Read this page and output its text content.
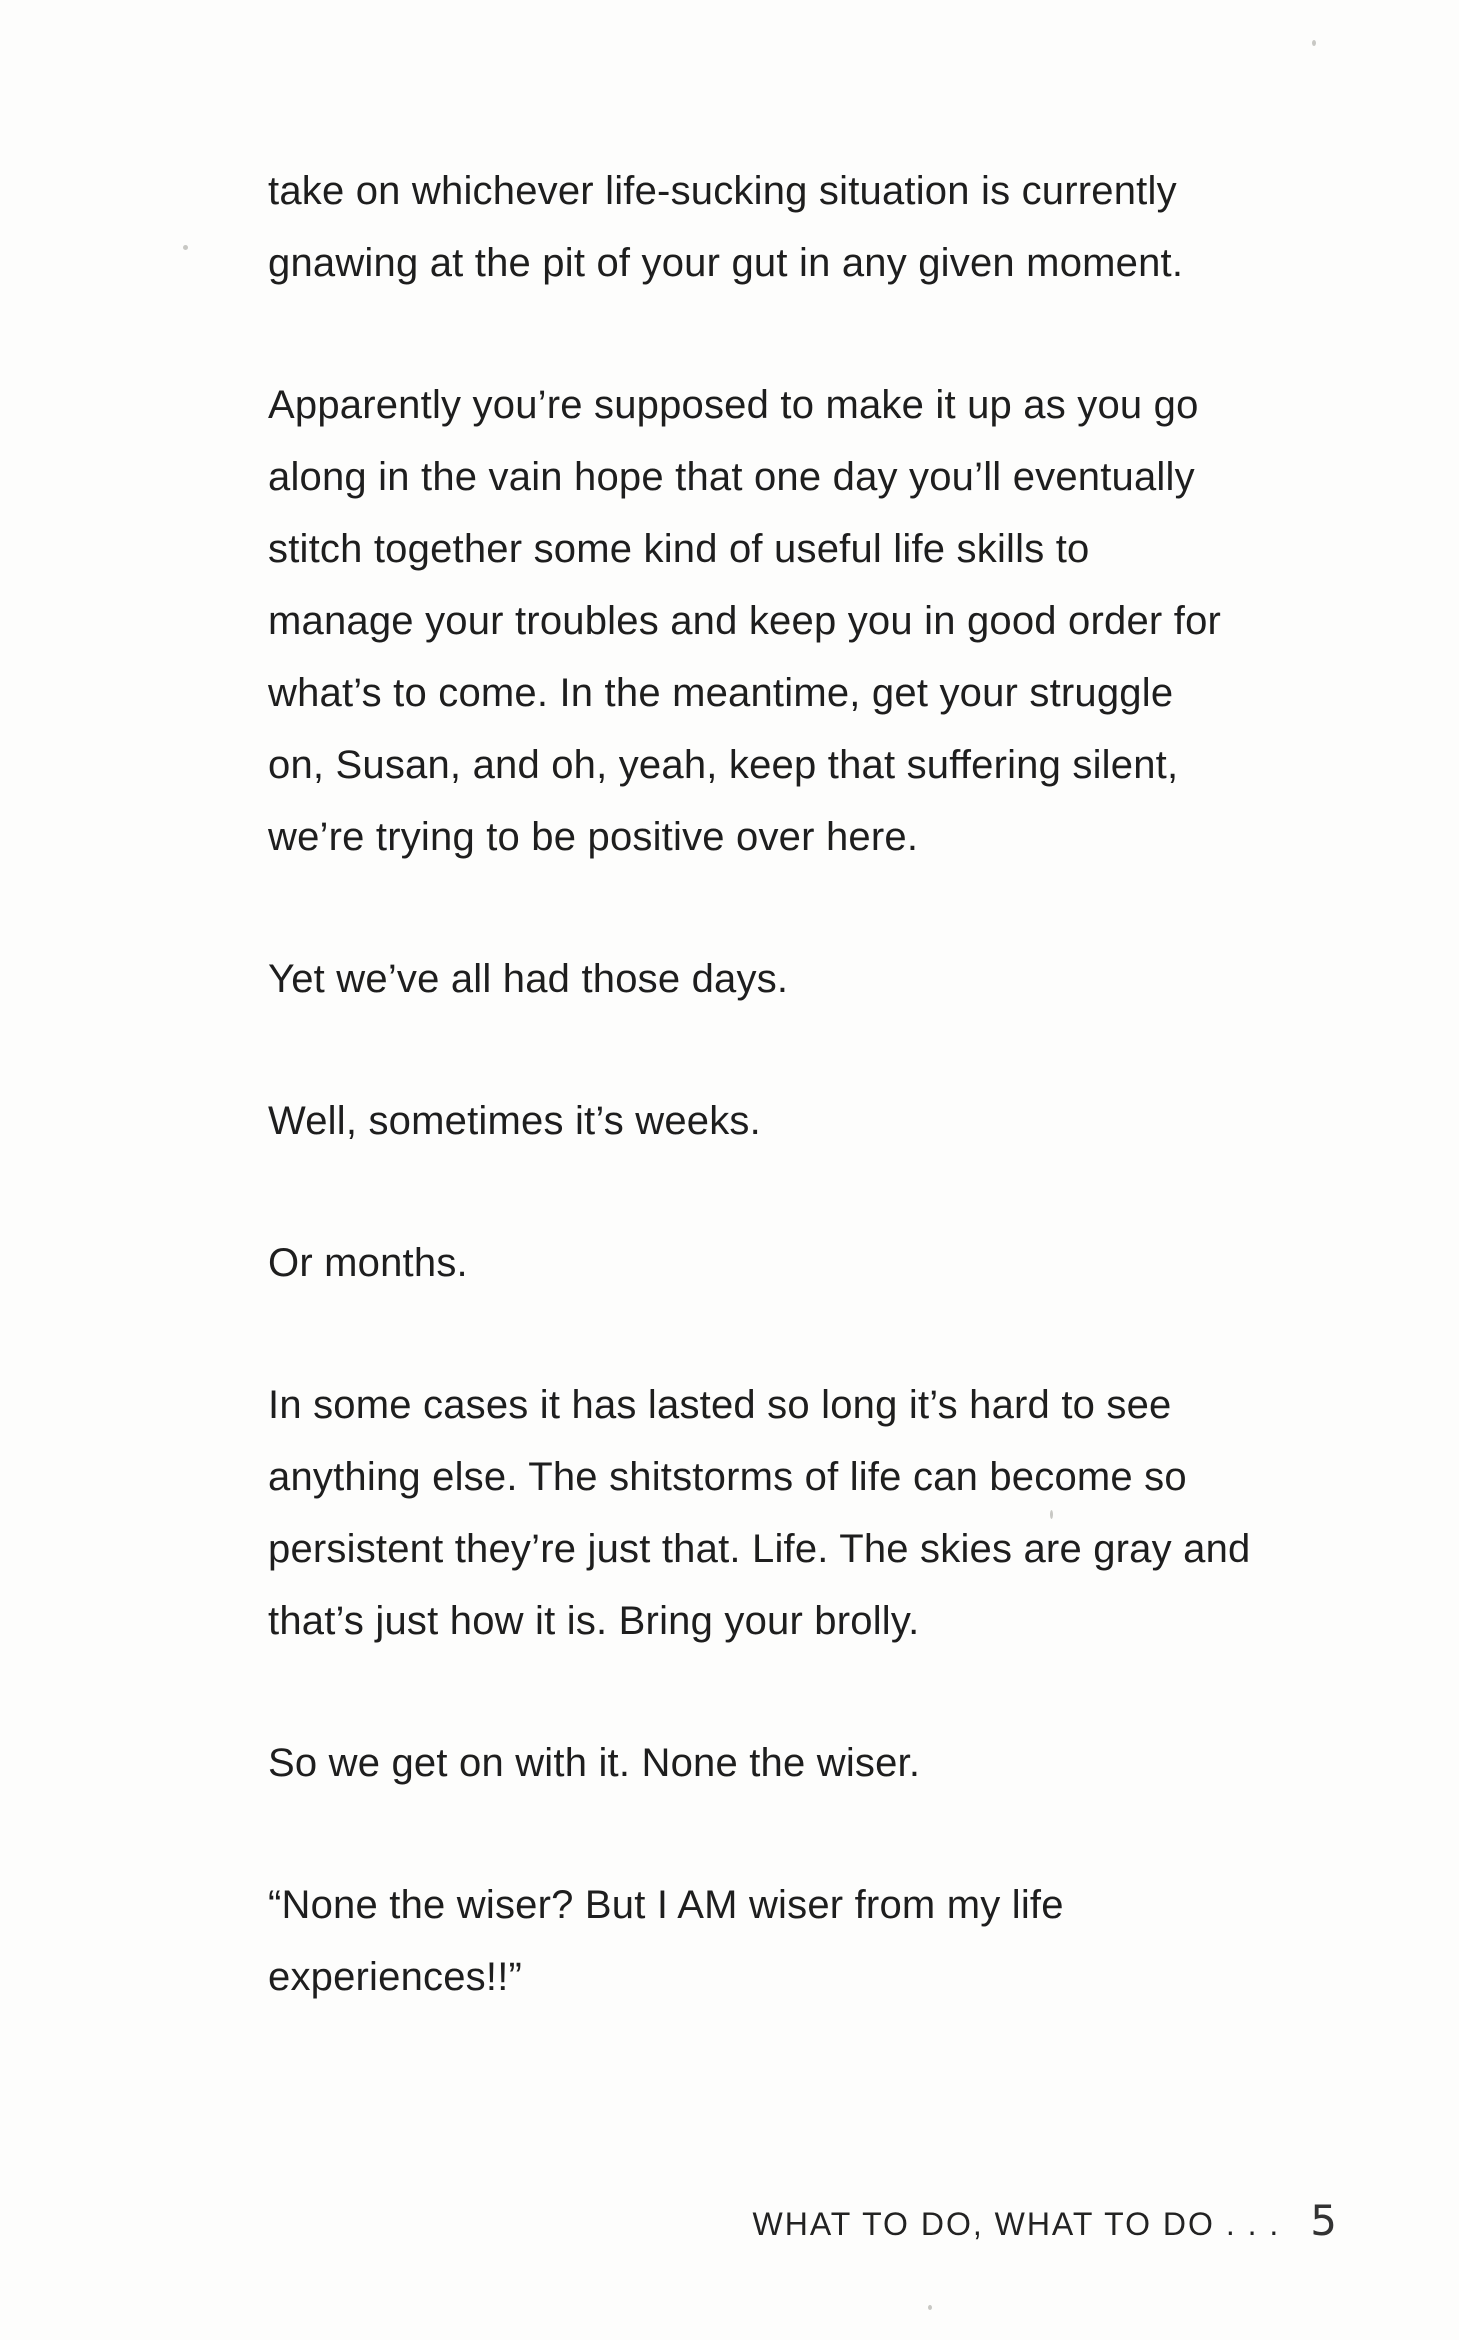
take on whichever life-sucking situation is currently
gnawing at the pit of your gut in any given moment.

Apparently you’re supposed to make it up as you go
along in the vain hope that one day you’ll eventually
stitch together some kind of useful life skills to
manage your troubles and keep you in good order for
what’s to come. In the meantime, get your struggle
on, Susan, and oh, yeah, keep that suffering silent,
we’re trying to be positive over here.

Yet we’ve all had those days.

Well, sometimes it’s weeks.

Or months.

In some cases it has lasted so long it’s hard to see
anything else. The shitstorms of life can become so
persistent they’re just that. Life. The skies are gray and
that’s just how it is. Bring your brolly.

So we get on with it. None the wiser.

“None the wiser? But I AM wiser from my life
experiences!!”

WHAT TO DO, WHAT TO DO . . . 5
